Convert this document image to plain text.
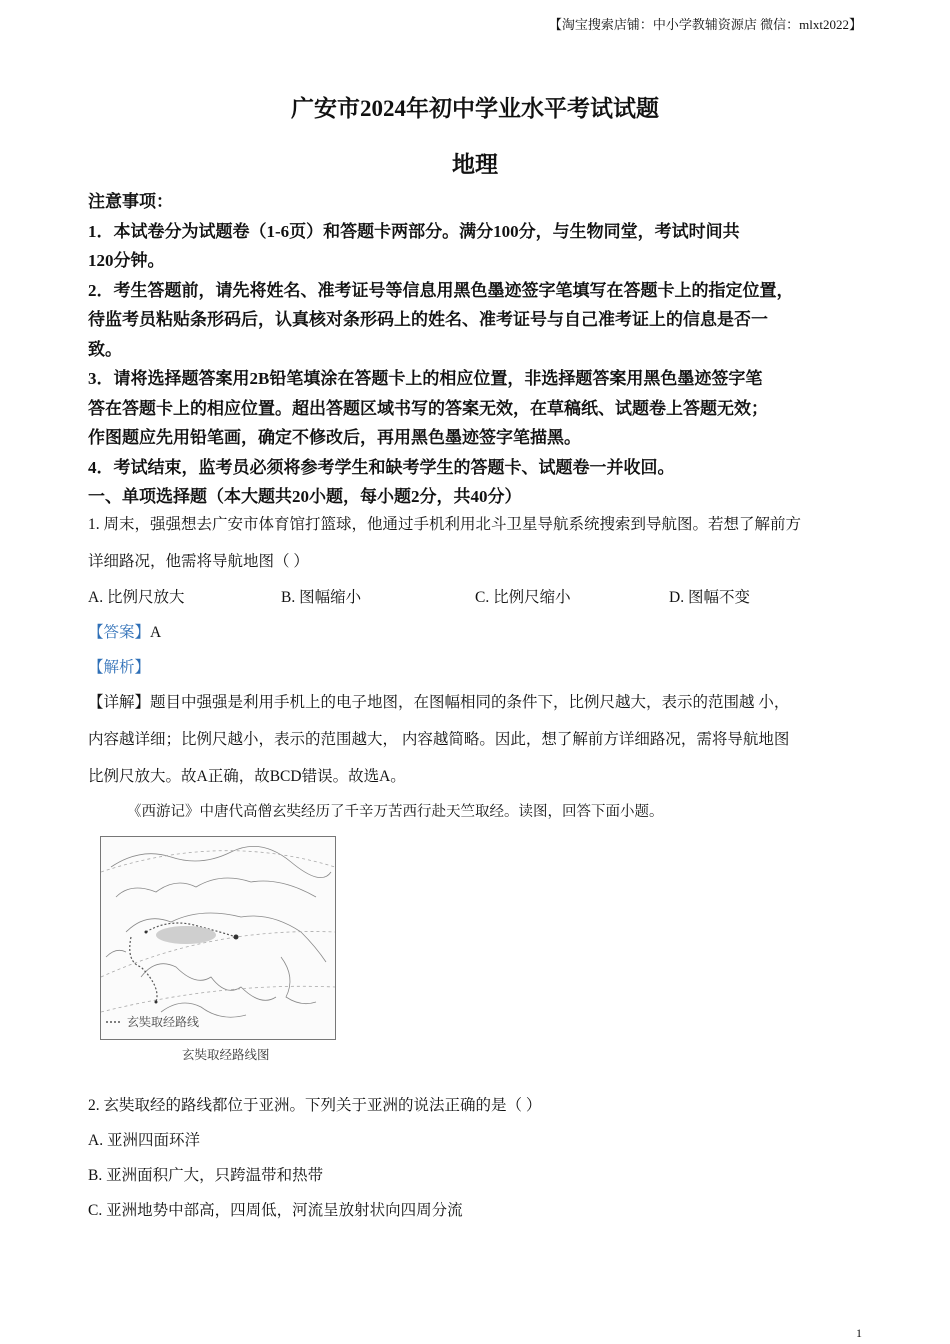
【淘宝搜索店铺：中小学教辅资源店 微信：mlxt2022】
广安市2024年初中学业水平考试试题
地理
注意事项：
1．本试卷分为试题卷（1-6页）和答题卡两部分。满分100分，与生物同堂，考试时间共
120分钟。
2．考生答题前，请先将姓名、准考证号等信息用黑色墨迹签字笔填写在答题卡上的指定位置，
待监考员粘贴条形码后，认真核对条形码上的姓名、准考证号与自己准考证上的信息是否一
致。
3．请将选择题答案用2B铅笔填涂在答题卡上的相应位置，非选择题答案用黑色墨迹签字笔
答在答题卡上的相应位置。超出答题区域书写的答案无效，在草稿纸、试题卷上答题无效；
作图题应先用铅笔画，确定不修改后，再用黑色墨迹签字笔描黑。
4．考试结束，监考员必须将参考学生和缺考学生的答题卡、试题卷一并收回。
一、单项选择题（本大题共20小题，每小题2分，共40分）
1. 周末，强强想去广安市体育馆打篮球，他通过手机利用北斗卫星导航系统搜索到导航图。若想了解前方
详细路况，他需将导航地图（ ）
A. 比例尺放大	B. 图幅缩小	C. 比例尺缩小	D. 图幅不变
【答案】A
【解析】
【详解】题目中强强是利用手机上的电子地图，在图幅相同的条件下，比例尺越大，表示的范围越 小，
内容越详细；比例尺越小，表示的范围越大， 内容越简略。因此，想了解前方详细路况，需将导航地图
比例尺放大。故A正确，故BCD错误。故选A。
《西游记》中唐代高僧玄奘经历了千辛万苦西行赴天竺取经。读图，回答下面小题。
玄奘取经路线
玄奘取经路线图
2. 玄奘取经的路线都位于亚洲。下列关于亚洲的说法正确的是（ ）
A. 亚洲四面环洋
B. 亚洲面积广大，只跨温带和热带
C. 亚洲地势中部高，四周低，河流呈放射状向四周分流
1
